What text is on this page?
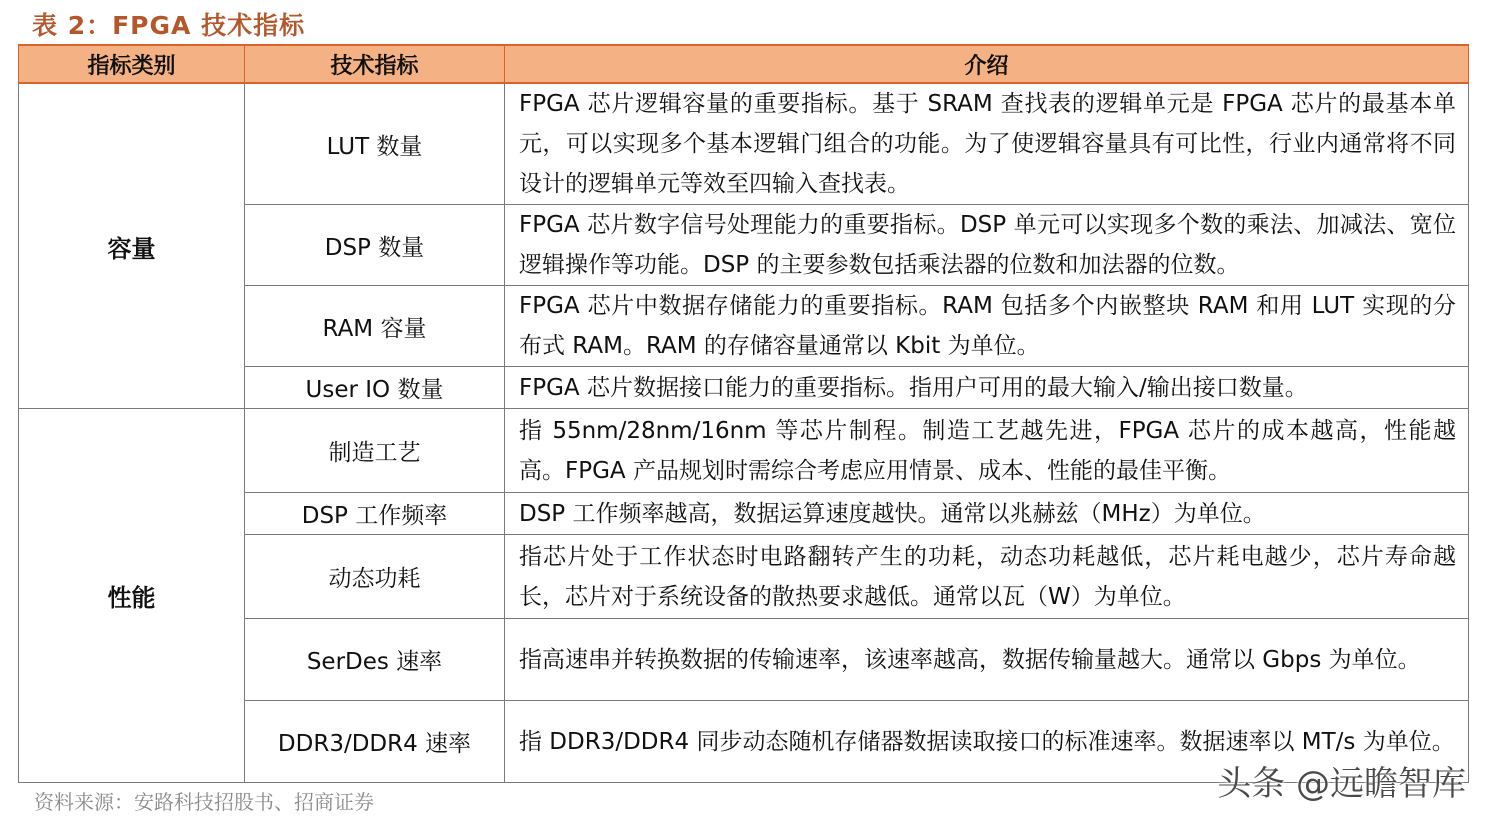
表 2：FPGA 技术指标
指标类别	技术指标	介绍
容量	LUT 数量	FPGA 芯片逻辑容量的重要指标。基于 SRAM 查找表的逻辑单元是 FPGA 芯片的最基本单元，可以实现多个基本逻辑门组合的功能。为了使逻辑容量具有可比性，行业内通常将不同设计的逻辑单元等效至四输入查找表。
	DSP 数量	FPGA 芯片数字信号处理能力的重要指标。DSP 单元可以实现多个数的乘法、加减法、宽位逻辑操作等功能。DSP 的主要参数包括乘法器的位数和加法器的位数。
	RAM 容量	FPGA 芯片中数据存储能力的重要指标。RAM 包括多个内嵌整块 RAM 和用 LUT 实现的分布式 RAM。RAM 的存储容量通常以 Kbit 为单位。
	User IO 数量	FPGA 芯片数据接口能力的重要指标。指用户可用的最大输入/输出接口数量。
性能	制造工艺	指 55nm/28nm/16nm 等芯片制程。制造工艺越先进，FPGA 芯片的成本越高，性能越高。FPGA 产品规划时需综合考虑应用情景、成本、性能的最佳平衡。
	DSP 工作频率	DSP 工作频率越高，数据运算速度越快。通常以兆赫兹（MHz）为单位。
	动态功耗	指芯片处于工作状态时电路翻转产生的功耗，动态功耗越低，芯片耗电越少，芯片寿命越长，芯片对于系统设备的散热要求越低。通常以瓦（W）为单位。
	SerDes 速率	指高速串并转换数据的传输速率，该速率越高，数据传输量越大。通常以 Gbps 为单位。
	DDR3/DDR4 速率	指 DDR3/DDR4 同步动态随机存储器数据读取接口的标准速率。数据速率以 MT/s 为单位。
资料来源：安路科技招股书、招商证券	头条 @远瞻智库
